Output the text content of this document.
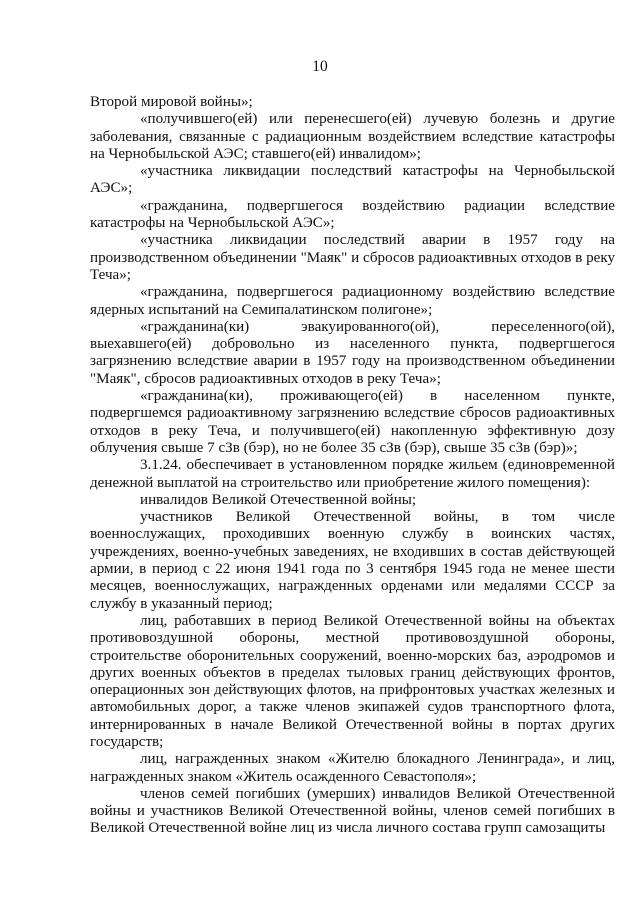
10

Второй мировой войны»;

«получившего(ей) или перенесшего(ей) лучевую болезнь и другие заболевания, связанные с радиационным воздействием вследствие катастрофы на Чернобыльской АЭС; ставшего(ей) инвалидом»;

«участника ликвидации последствий катастрофы на Чернобыльской АЭС»;

«гражданина, подвергшегося воздействию радиации вследствие катастрофы на Чернобыльской АЭС»;

«участника ликвидации последствий аварии в 1957 году на производственном объединении "Маяк" и сбросов радиоактивных отходов в реку Теча»;

«гражданина, подвергшегося радиационному воздействию вследствие ядерных испытаний на Семипалатинском полигоне»;

«гражданина(ки) эвакуированного(ой), переселенного(ой), выехавшего(ей) добровольно из населенного пункта, подвергшегося загрязнению вследствие аварии в 1957 году на производственном объединении "Маяк", сбросов радиоактивных отходов в реку Теча»;

«гражданина(ки), проживающего(ей) в населенном пункте, подвергшемся радиоактивному загрязнению вследствие сбросов радиоактивных отходов в реку Теча, и получившего(ей) накопленную эффективную дозу облучения свыше 7 сЗв (бэр), но не более 35 сЗв (бэр), свыше 35 сЗв (бэр)»;

3.1.24. обеспечивает в установленном порядке жильем (единовременной денежной выплатой на строительство или приобретение жилого помещения):

инвалидов Великой Отечественной войны;

участников Великой Отечественной войны, в том числе военнослужащих, проходивших военную службу в воинских частях, учреждениях, военно-учебных заведениях, не входивших в состав действующей армии, в период с 22 июня 1941 года по 3 сентября 1945 года не менее шести месяцев, военнослужащих, награжденных орденами или медалями СССР за службу в указанный период;

лиц, работавших в период Великой Отечественной войны на объектах противовоздушной обороны, местной противовоздушной обороны, строительстве оборонительных сооружений, военно-морских баз, аэродромов и других военных объектов в пределах тыловых границ действующих фронтов, операционных зон действующих флотов, на прифронтовых участках железных и автомобильных дорог, а также членов экипажей судов транспортного флота, интернированных в начале Великой Отечественной войны в портах других государств;

лиц, награжденных знаком «Жителю блокадного Ленинграда», и лиц, награжденных знаком «Житель осажденного Севастополя»;

членов семей погибших (умерших) инвалидов Великой Отечественной войны и участников Великой Отечественной войны, членов семей погибших в Великой Отечественной войне лиц из числа личного состава групп самозащиты
